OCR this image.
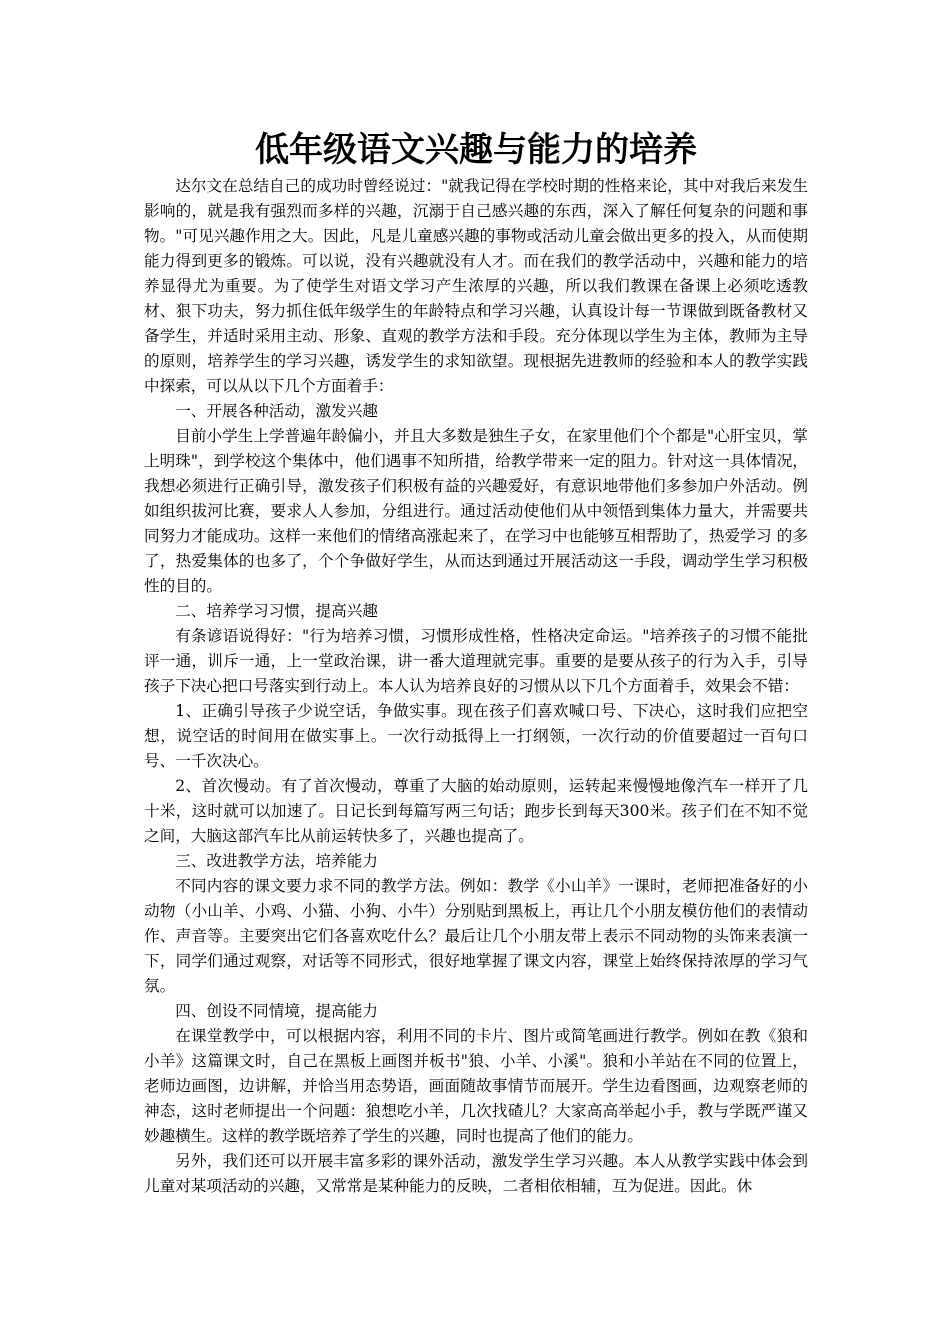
低年级语文兴趣与能力的培养

达尔文在总结自己的成功时曾经说过："就我记得在学校时期的性格来论，其中对我后来发生影响的，就是我有强烈而多样的兴趣，沉溺于自己感兴趣的东西，深入了解任何复杂的问题和事物。"可见兴趣作用之大。因此，凡是儿童感兴趣的事物或活动儿童会做出更多的投入，从而使期能力得到更多的锻炼。可以说，没有兴趣就没有人才。而在我们的教学活动中，兴趣和能力的培养显得尤为重要。为了使学生对语文学习产生浓厚的兴趣，所以我们教课在备课上必须吃透教材、狠下功夫，努力抓住低年级学生的年龄特点和学习兴趣，认真设计每一节课做到既备教材又备学生，并适时采用主动、形象、直观的教学方法和手段。充分体现以学生为主体，教师为主导的原则，培养学生的学习兴趣，诱发学生的求知欲望。现根据先进教师的经验和本人的教学实践中探索，可以从以下几个方面着手：

一、开展各种活动，激发兴趣

目前小学生上学普遍年龄偏小，并且大多数是独生子女，在家里他们个个都是"心肝宝贝，掌上明珠"，到学校这个集体中，他们遇事不知所措，给教学带来一定的阻力。针对这一具体情况，我想必须进行正确引导，激发孩子们积极有益的兴趣爱好，有意识地带他们多参加户外活动。例如组织拔河比赛，要求人人参加，分组进行。通过活动使他们从中领悟到集体力量大，并需要共同努力才能成功。这样一来他们的情绪高涨起来了，在学习中也能够互相帮助了，热爱学习 的多了，热爱集体的也多了，个个争做好学生，从而达到通过开展活动这一手段，调动学生学习积极性的目的。

二、培养学习习惯，提高兴趣

有条谚语说得好："行为培养习惯，习惯形成性格，性格决定命运。"培养孩子的习惯不能批评一通，训斥一通，上一堂政治课，讲一番大道理就完事。重要的是要从孩子的行为入手，引导孩子下决心把口号落实到行动上。本人认为培养良好的习惯从以下几个方面着手，效果会不错：

1、正确引导孩子少说空话，争做实事。现在孩子们喜欢喊口号、下决心，这时我们应把空想，说空话的时间用在做实事上。一次行动抵得上一打纲领，一次行动的价值要超过一百句口号、一千次决心。

2、首次慢动。有了首次慢动，尊重了大脑的始动原则，运转起来慢慢地像汽车一样开了几十米，这时就可以加速了。日记长到每篇写两三句话；跑步长到每天300米。孩子们在不知不觉之间，大脑这部汽车比从前运转快多了，兴趣也提高了。

三、改进教学方法，培养能力

不同内容的课文要力求不同的教学方法。例如：教学《小山羊》一课时，老师把准备好的小动物（小山羊、小鸡、小猫、小狗、小牛）分别贴到黑板上，再让几个小朋友模仿他们的表情动作、声音等。主要突出它们各喜欢吃什么？最后让几个小朋友带上表示不同动物的头饰来表演一下，同学们通过观察，对话等不同形式，很好地掌握了课文内容，课堂上始终保持浓厚的学习气氛。

四、创设不同情境，提高能力

在课堂教学中，可以根据内容，利用不同的卡片、图片或简笔画进行教学。例如在教《狼和小羊》这篇课文时，自己在黑板上画图并板书"狼、小羊、小溪"。狼和小羊站在不同的位置上，老师边画图，边讲解，并恰当用态势语，画面随故事情节而展开。学生边看图画，边观察老师的神态，这时老师提出一个问题：狼想吃小羊，几次找碴儿？大家高高举起小手，教与学既严谨又妙趣横生。这样的教学既培养了学生的兴趣，同时也提高了他们的能力。

另外，我们还可以开展丰富多彩的课外活动，激发学生学习兴趣。本人从教学实践中体会到儿童对某项活动的兴趣，又常常是某种能力的反映，二者相依相辅，互为促进。因此。休
